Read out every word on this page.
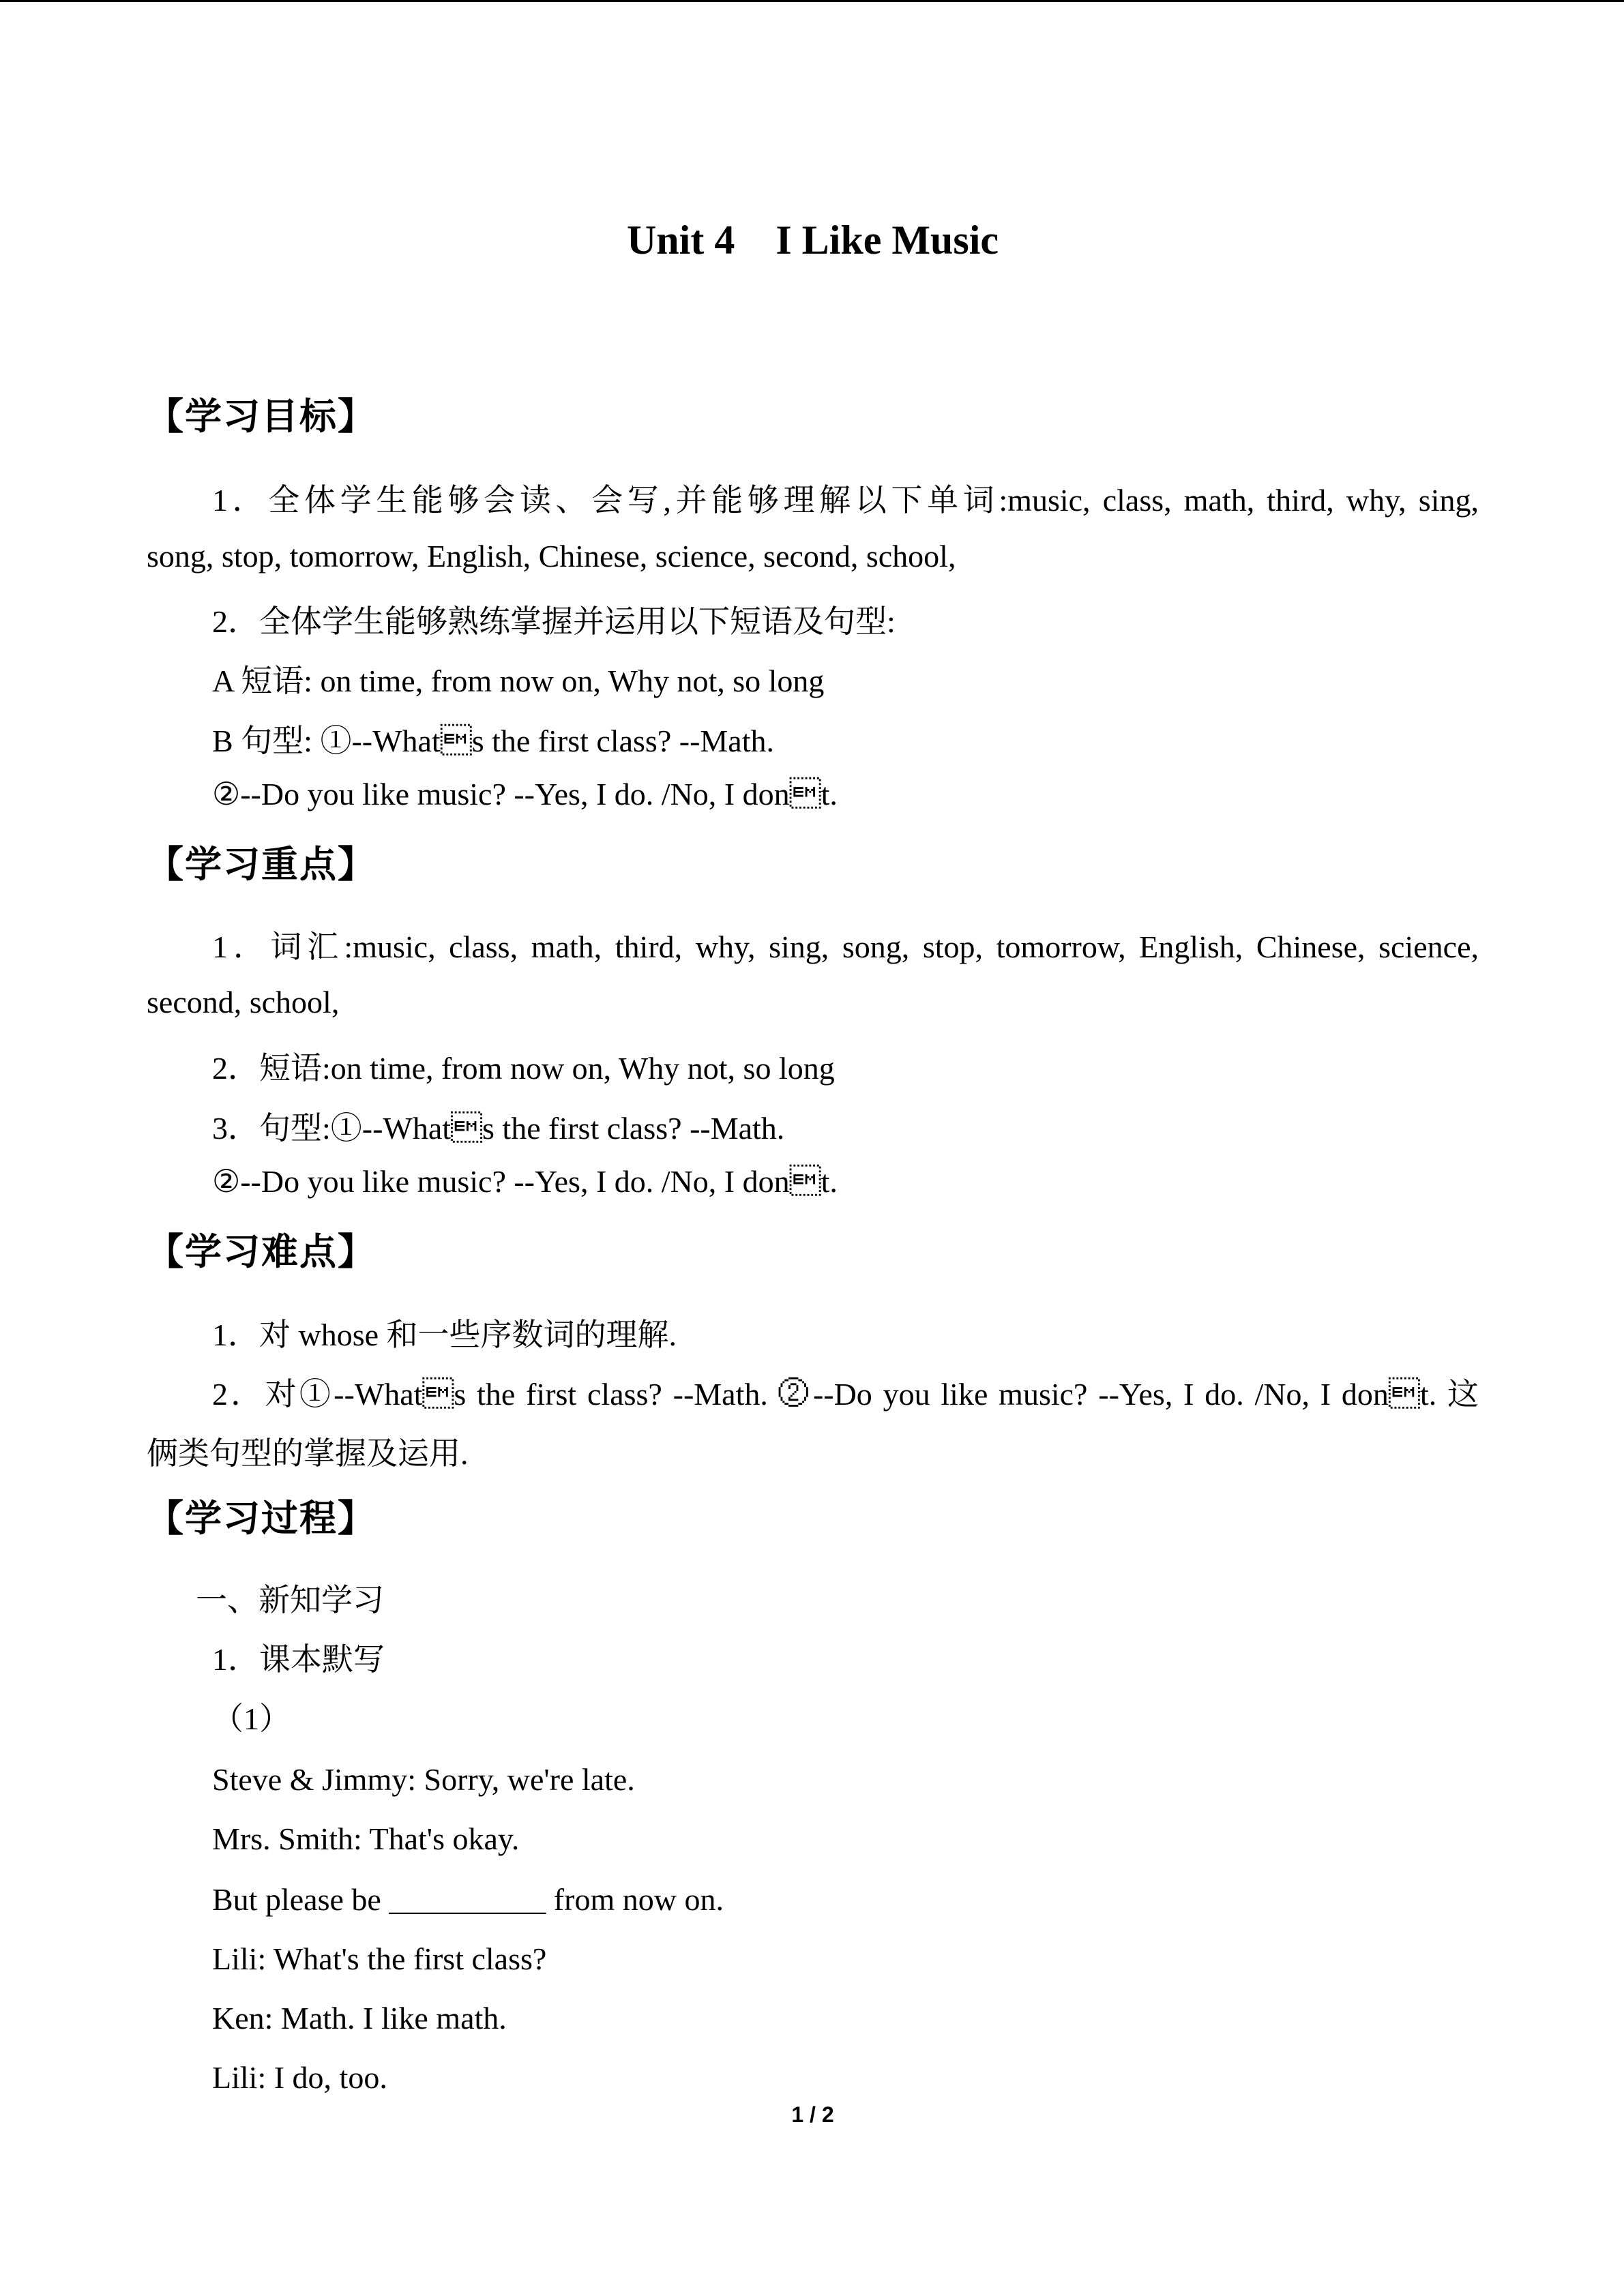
Unit 4    I Like Music
【学习目标】
1．全体学生能够会读、会写,并能够理解以下单词:music, class, math, third, why, sing,
song, stop, tomorrow, English, Chinese, science, second, school,
2．全体学生能够熟练掌握并运用以下短语及句型:
A 短语: on time, from now on, Why not, so long
B 句型: ①--Whats the first class? --Math.
②--Do you like music? --Yes, I do. /No, I dont.
【学习重点】
1．词汇:music, class, math, third, why, sing, song, stop, tomorrow, English, Chinese, science,
second, school,
2．短语:on time, from now on, Why not, so long
3．句型:①--Whats the first class? --Math.
②--Do you like music? --Yes, I do. /No, I dont.
【学习难点】
1．对 whose 和一些序数词的理解.
2．对①--Whats the first class? --Math. ②--Do you like music? --Yes, I do. /No, I dont. 这
俩类句型的掌握及运用.
【学习过程】
一、新知学习
1．课本默写
（1）
Steve & Jimmy: Sorry, we're late.
Mrs. Smith: That's okay.
But please be __________ from now on.
Lili: What's the first class?
Ken: Math. I like math.
Lili: I do, too.
1 / 2
